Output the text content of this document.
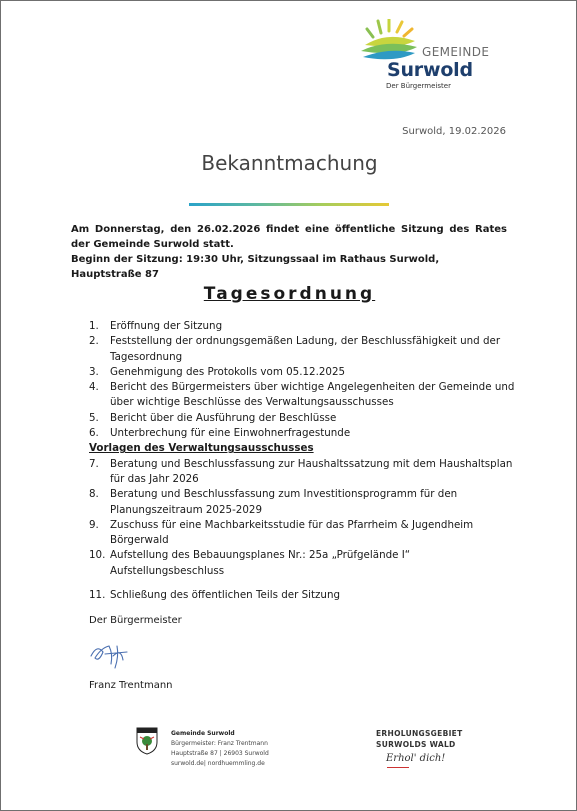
GEMEINDE
Surwold
Der Bürgermeister
Surwold, 19.02.2026
Bekanntmachung

Am Donnerstag, den 26.02.2026 findet eine öffentliche Sitzung des Rates der Gemeinde Surwold statt.

Beginn der Sitzung: 19:30 Uhr, Sitzungssaal im Rathaus Surwold, Hauptstraße 87

Tagesordnung
1. Eröffnung der Sitzung
2. Feststellung der ordnungsgemäßen Ladung, der Beschlussfähigkeit und der Tagesordnung
3. Genehmigung des Protokolls vom 05.12.2025
4. Bericht des Bürgermeisters über wichtige Angelegenheiten der Gemeinde und über wichtige Beschlüsse des Verwaltungsausschusses
5. Bericht über die Ausführung der Beschlüsse
6. Unterbrechung für eine Einwohnerfragestunde
Vorlagen des Verwaltungsausschusses
7. Beratung und Beschlussfassung zur Haushaltssatzung mit dem Haushaltsplan für das Jahr 2026
8. Beratung und Beschlussfassung zum Investitionsprogramm für den Planungszeitraum 2025-2029
9. Zuschuss für eine Machbarkeitsstudie für das Pfarrheim & Jugendheim Börgerwald
10. Aufstellung des Bebauungsplanes Nr.: 25a „Prüfgelände I“ Aufstellungsbeschluss
11. Schließung des öffentlichen Teils der Sitzung
Der Bürgermeister
Franz Trentmann
Gemeinde Surwold
Bürgermeister: Franz Trentmann
Hauptstraße 87 | 26903 Surwold
surwold.de| nordhuemmling.de
ERHOLUNGSGEBIET
SURWOLDS WALD
Erhol' dich!
